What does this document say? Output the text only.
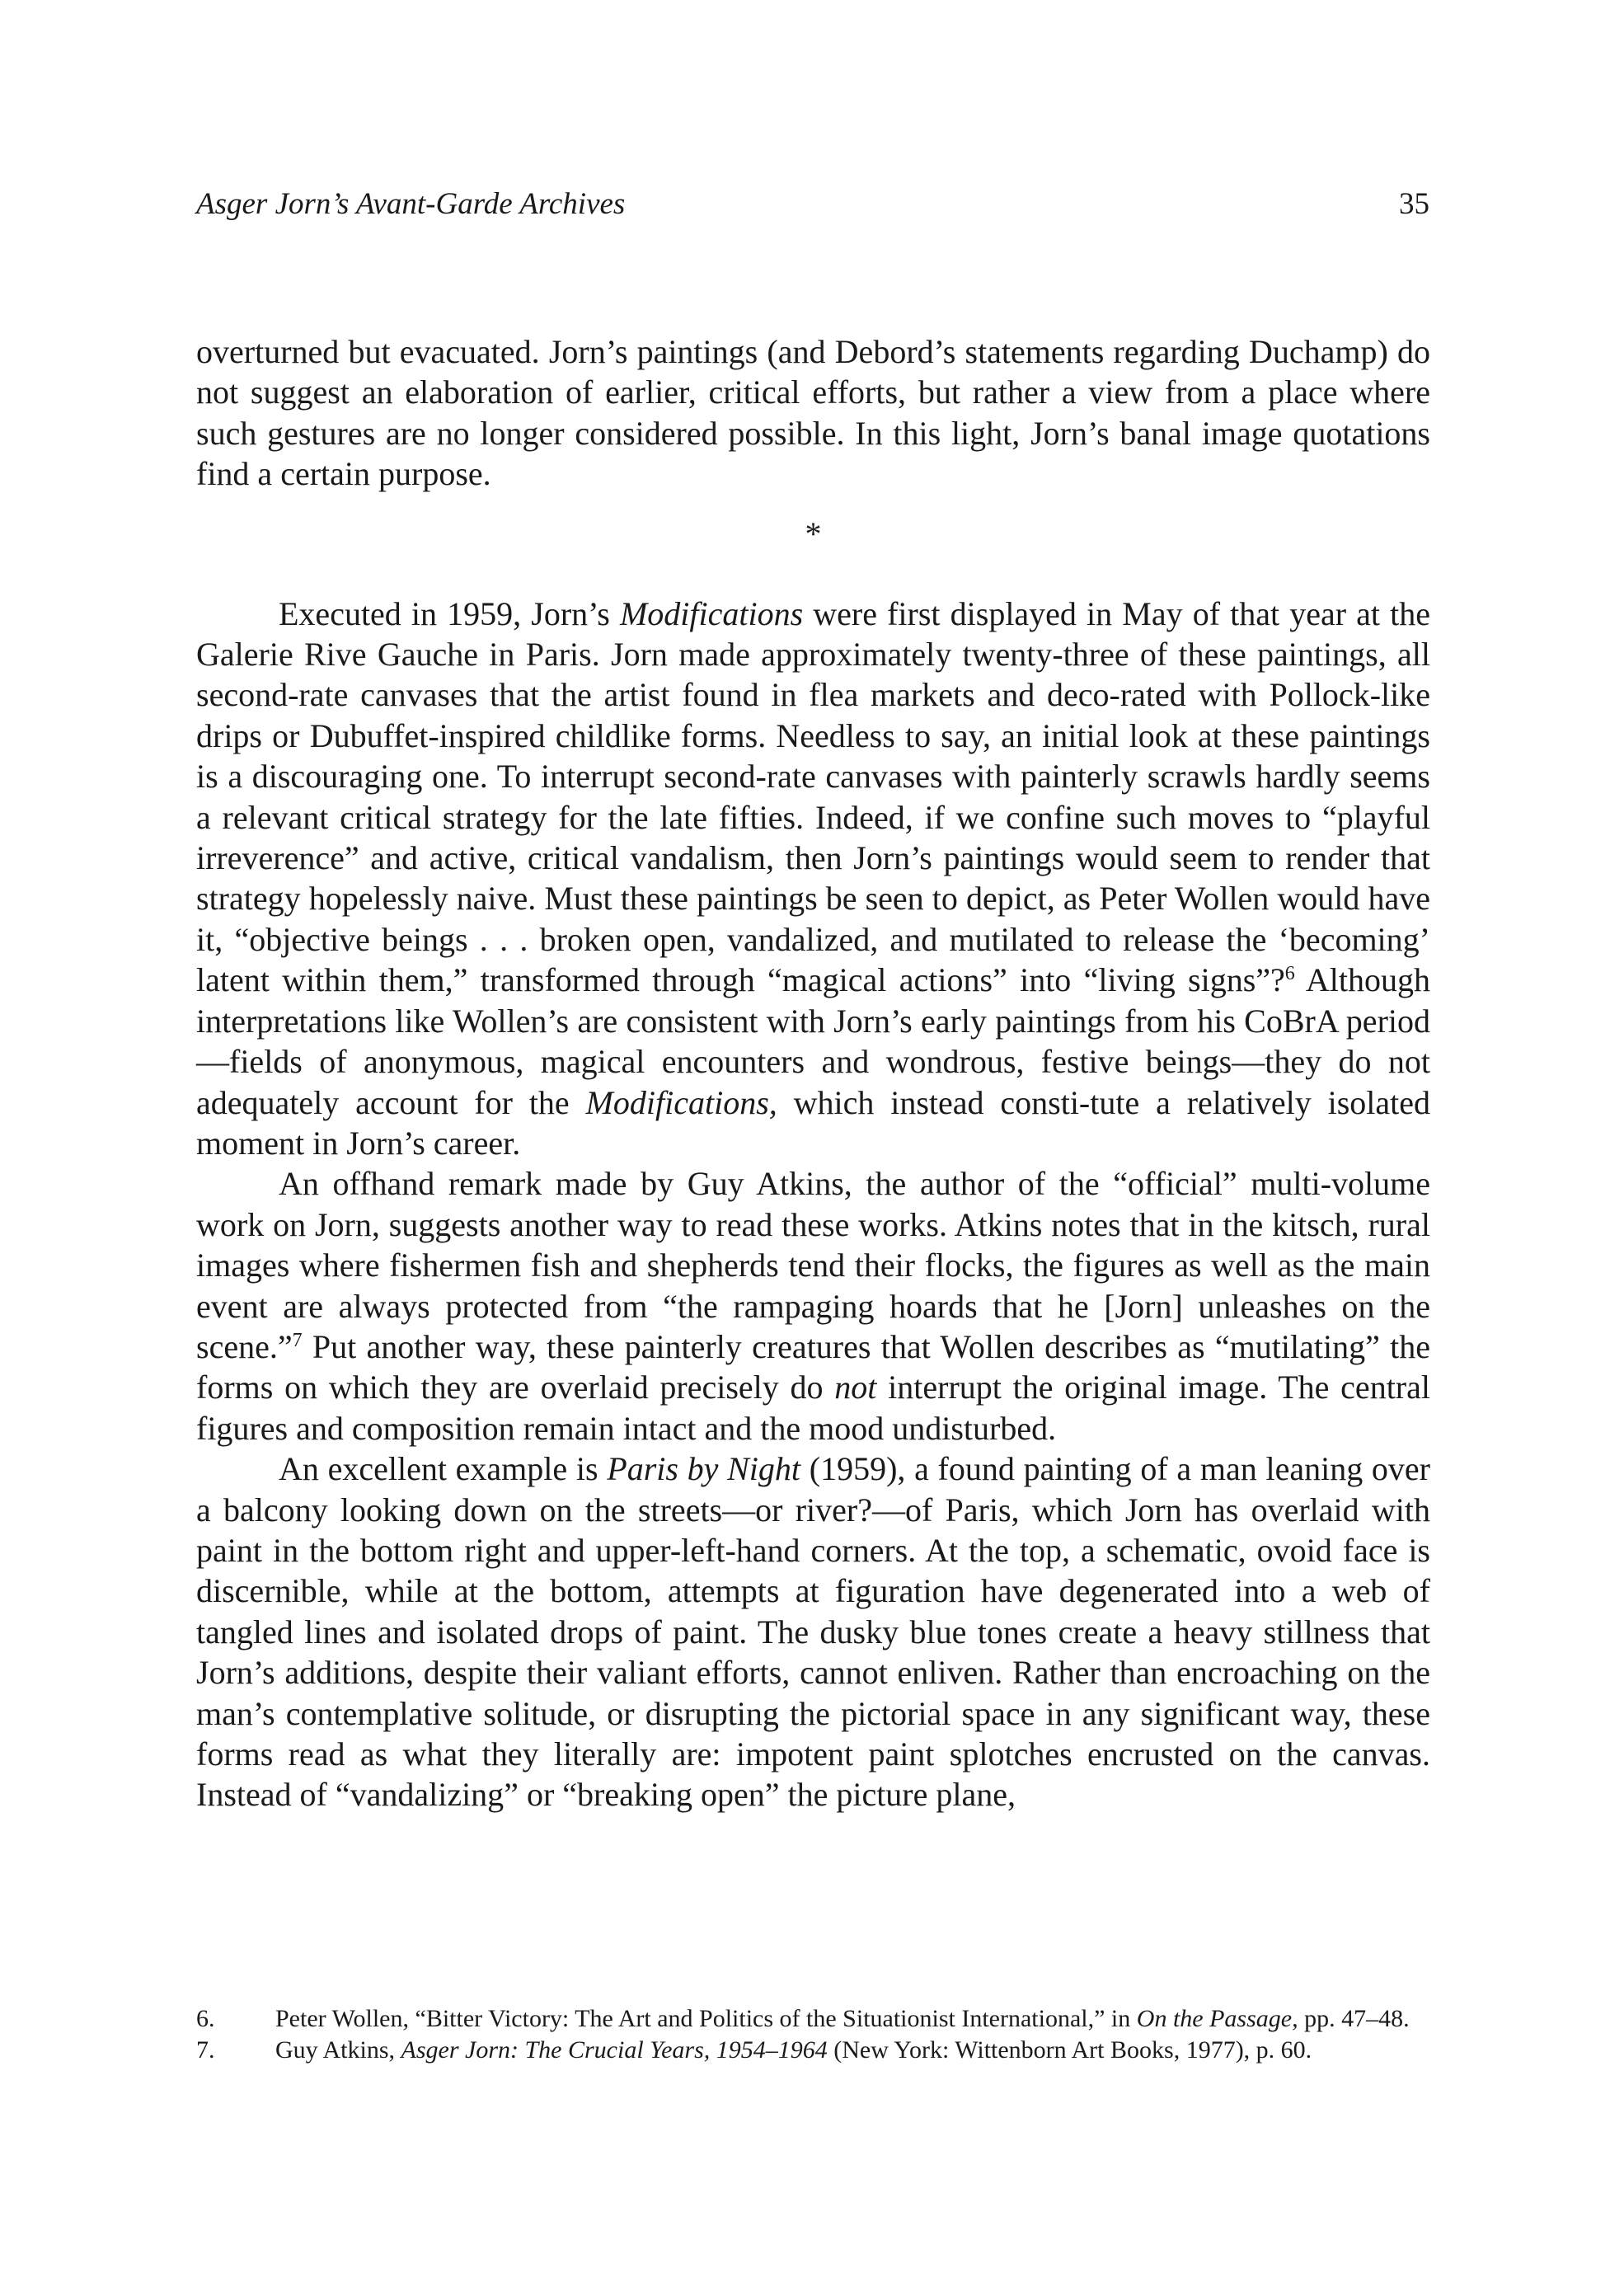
Asger Jorn’s Avant-Garde Archives	35

overturned but evacuated. Jorn’s paintings (and Debord’s statements regarding Duchamp) do not suggest an elaboration of earlier, critical efforts, but rather a view from a place where such gestures are no longer considered possible. In this light, Jorn’s banal image quotations find a certain purpose.

*

Executed in 1959, Jorn’s Modifications were first displayed in May of that year at the Galerie Rive Gauche in Paris. Jorn made approximately twenty-three of these paintings, all second-rate canvases that the artist found in flea markets and deco-rated with Pollock-like drips or Dubuffet-inspired childlike forms. Needless to say, an initial look at these paintings is a discouraging one. To interrupt second-rate canvases with painterly scrawls hardly seems a relevant critical strategy for the late fifties. Indeed, if we confine such moves to “playful irreverence” and active, critical vandalism, then Jorn’s paintings would seem to render that strategy hopelessly naive. Must these paintings be seen to depict, as Peter Wollen would have it, “objective beings . . . broken open, vandalized, and mutilated to release the ‘becoming’ latent within them,” transformed through “magical actions” into “living signs”?$^6$ Although interpretations like Wollen’s are consistent with Jorn’s early paintings from his CoBrA period—fields of anonymous, magical encounters and wondrous, festive beings—they do not adequately account for the Modifications, which instead consti-tute a relatively isolated moment in Jorn’s career.

An offhand remark made by Guy Atkins, the author of the “official” multi-volume work on Jorn, suggests another way to read these works. Atkins notes that in the kitsch, rural images where fishermen fish and shepherds tend their flocks, the figures as well as the main event are always protected from “the rampaging hoards that he [Jorn] unleashes on the scene.”$^7$ Put another way, these painterly creatures that Wollen describes as “mutilating” the forms on which they are overlaid precisely do not interrupt the original image. The central figures and composition remain intact and the mood undisturbed.

An excellent example is Paris by Night (1959), a found painting of a man leaning over a balcony looking down on the streets—or river?—of Paris, which Jorn has overlaid with paint in the bottom right and upper-left-hand corners. At the top, a schematic, ovoid face is discernible, while at the bottom, attempts at figuration have degenerated into a web of tangled lines and isolated drops of paint. The dusky blue tones create a heavy stillness that Jorn’s additions, despite their valiant efforts, cannot enliven. Rather than encroaching on the man’s contemplative solitude, or disrupting the pictorial space in any significant way, these forms read as what they literally are: impotent paint splotches encrusted on the canvas. Instead of “vandalizing” or “breaking open” the picture plane,

6. Peter Wollen, “Bitter Victory: The Art and Politics of the Situationist International,” in On the Passage, pp. 47–48.

7. Guy Atkins, Asger Jorn: The Crucial Years, 1954–1964 (New York: Wittenborn Art Books, 1977), p. 60.
